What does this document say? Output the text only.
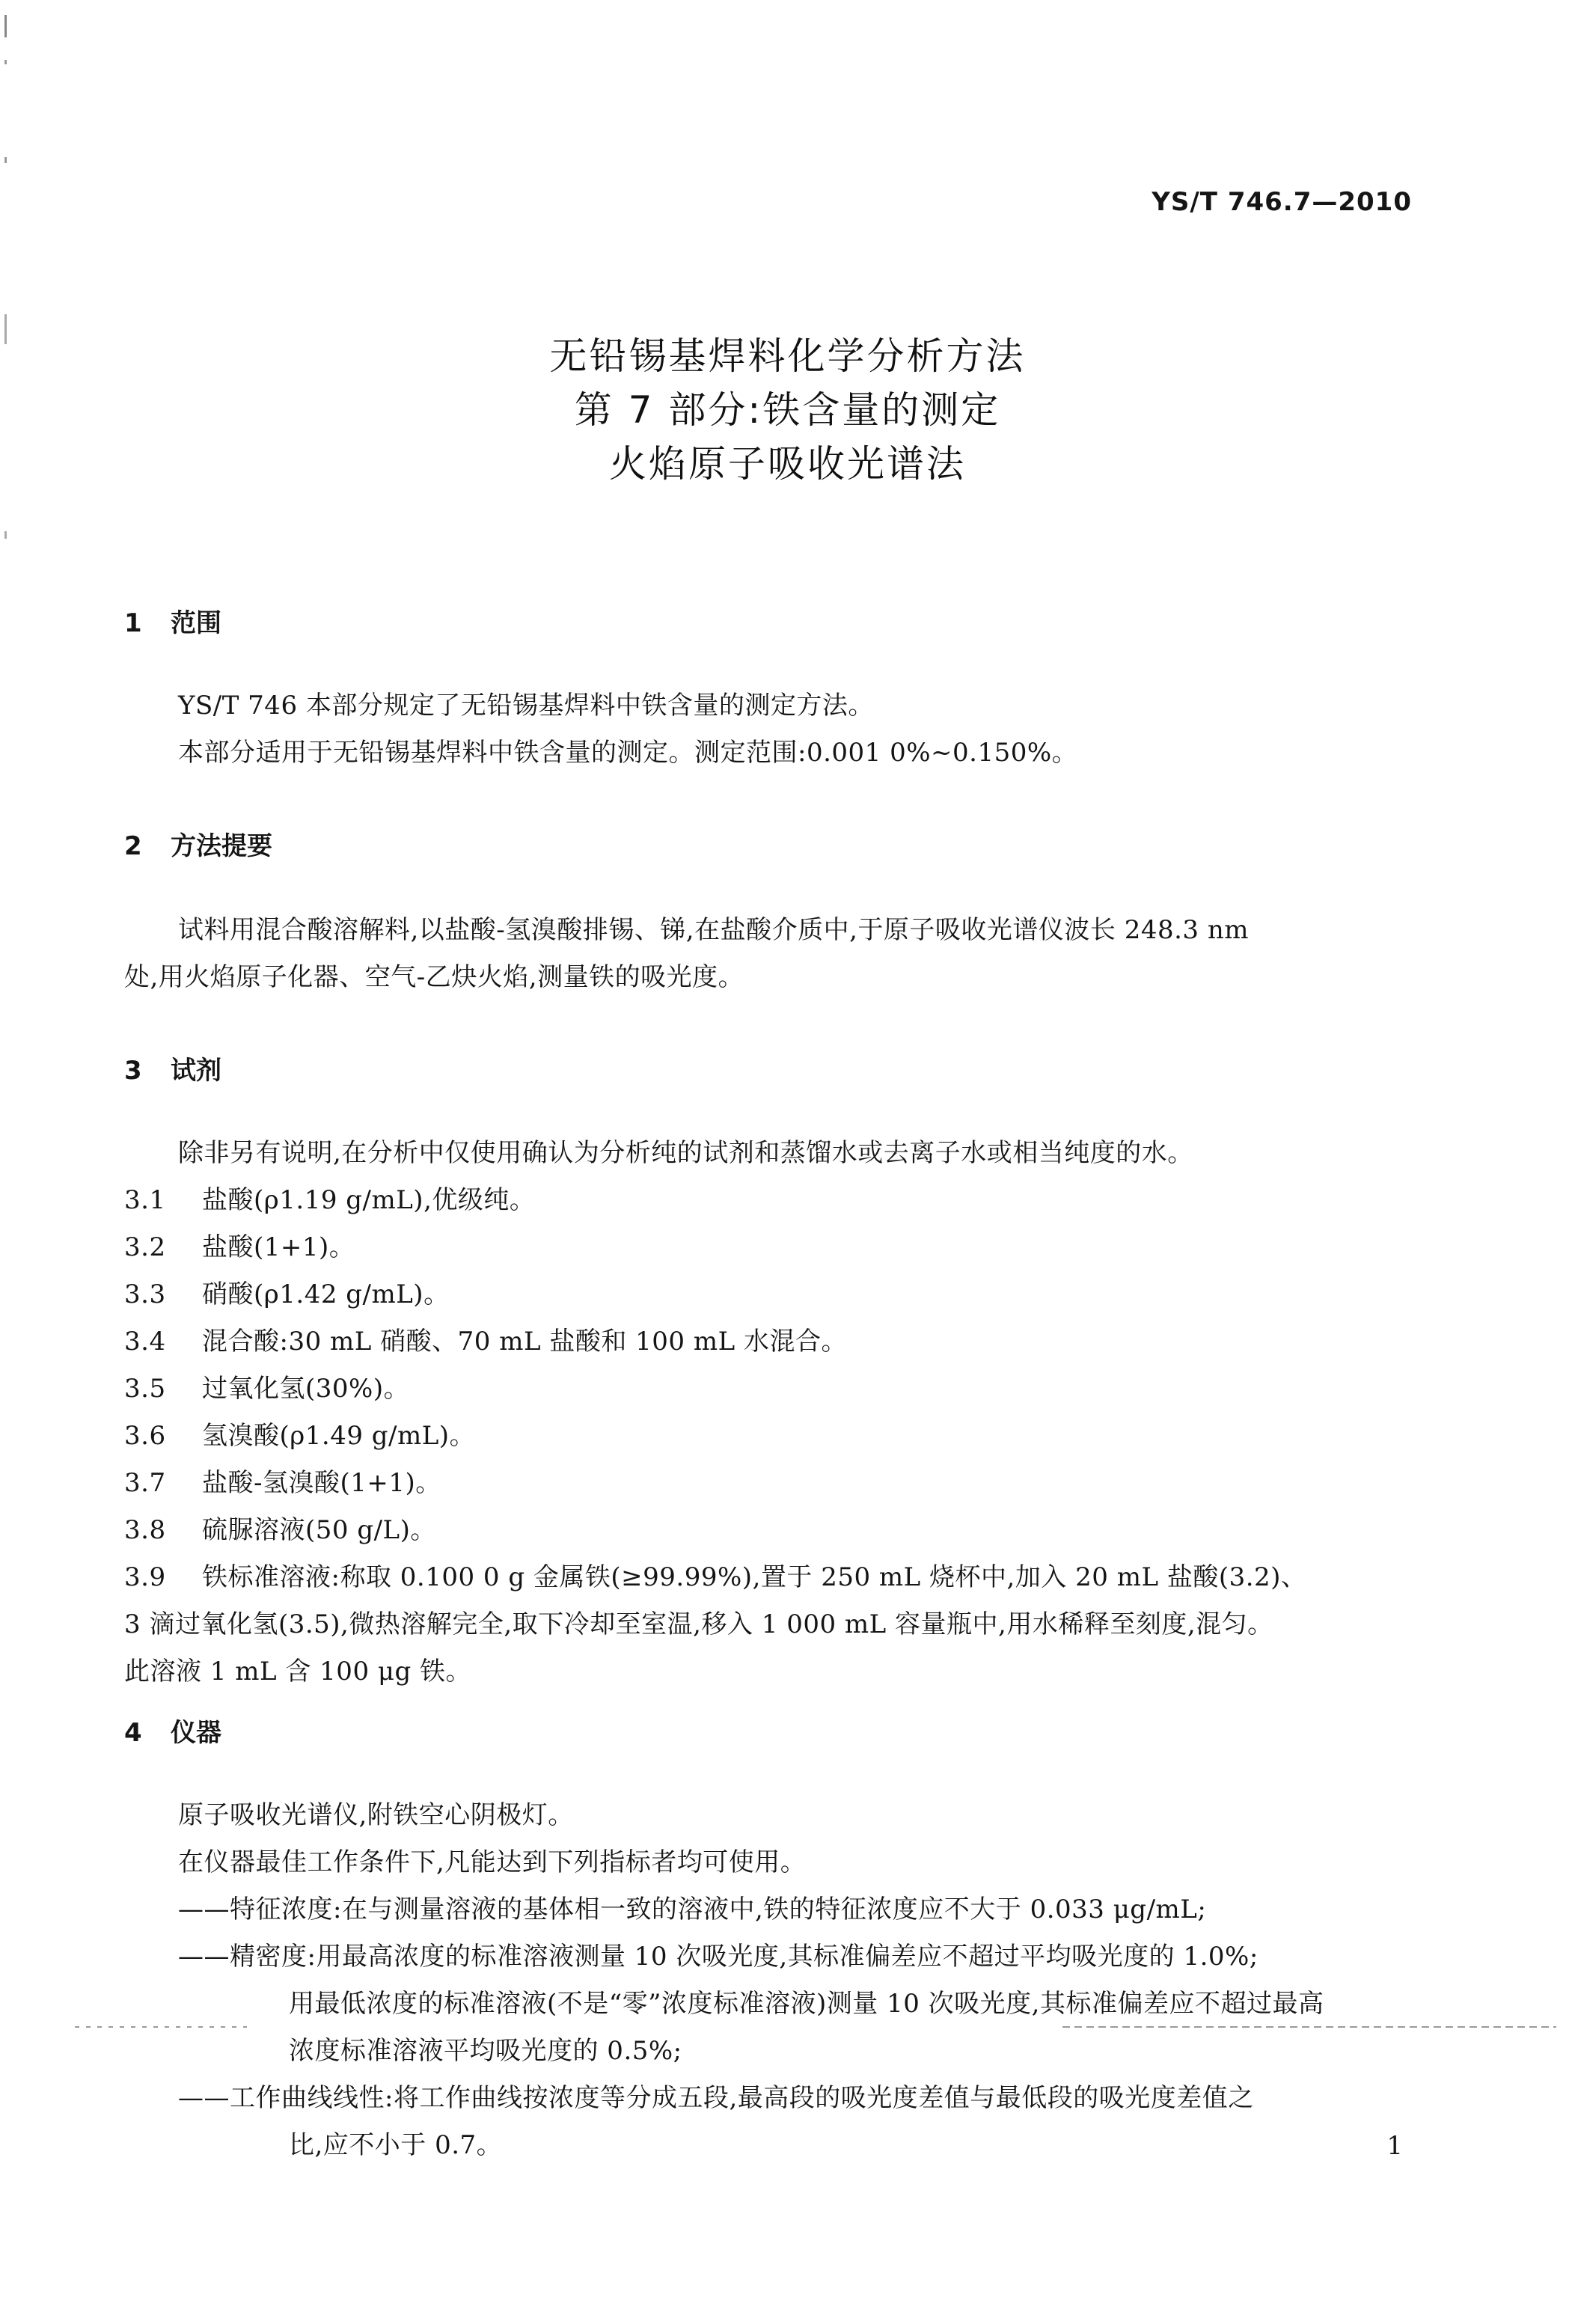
YS/T 746.7—2010
无铅锡基焊料化学分析方法
第 7 部分:铁含量的测定
火焰原子吸收光谱法
1 范围

YS/T 746 本部分规定了无铅锡基焊料中铁含量的测定方法。

本部分适用于无铅锡基焊料中铁含量的测定。测定范围:0.001 0%~0.150%。

2 方法提要

试料用混合酸溶解料,以盐酸-氢溴酸排锡、锑,在盐酸介质中,于原子吸收光谱仪波长 248.3 nm

处,用火焰原子化器、空气-乙炔火焰,测量铁的吸光度。

3 试剂

除非另有说明,在分析中仅使用确认为分析纯的试剂和蒸馏水或去离子水或相当纯度的水。

3.1	盐酸(ρ1.19 g/mL),优级纯。
3.2	盐酸(1+1)。
3.3	硝酸(ρ1.42 g/mL)。
3.4	混合酸:30 mL 硝酸、70 mL 盐酸和 100 mL 水混合。
3.5	过氧化氢(30%)。
3.6	氢溴酸(ρ1.49 g/mL)。
3.7	盐酸-氢溴酸(1+1)。
3.8	硫脲溶液(50 g/L)。
3.9	铁标准溶液:称取 0.100 0 g 金属铁(≥99.99%),置于 250 mL 烧杯中,加入 20 mL 盐酸(3.2)、

3 滴过氧化氢(3.5),微热溶解完全,取下冷却至室温,移入 1 000 mL 容量瓶中,用水稀释至刻度,混匀。

此溶液 1 mL 含 100 μg 铁。

4 仪器

原子吸收光谱仪,附铁空心阴极灯。

在仪器最佳工作条件下,凡能达到下列指标者均可使用。

——特征浓度:在与测量溶液的基体相一致的溶液中,铁的特征浓度应不大于 0.033 μg/mL;
——精密度:用最高浓度的标准溶液测量 10 次吸光度,其标准偏差应不超过平均吸光度的 1.0%;
用最低浓度的标准溶液(不是“零”浓度标准溶液)测量 10 次吸光度,其标准偏差应不超过最高
浓度标准溶液平均吸光度的 0.5%;
——工作曲线线性:将工作曲线按浓度等分成五段,最高段的吸光度差值与最低段的吸光度差值之
比,应不小于 0.7。	1
